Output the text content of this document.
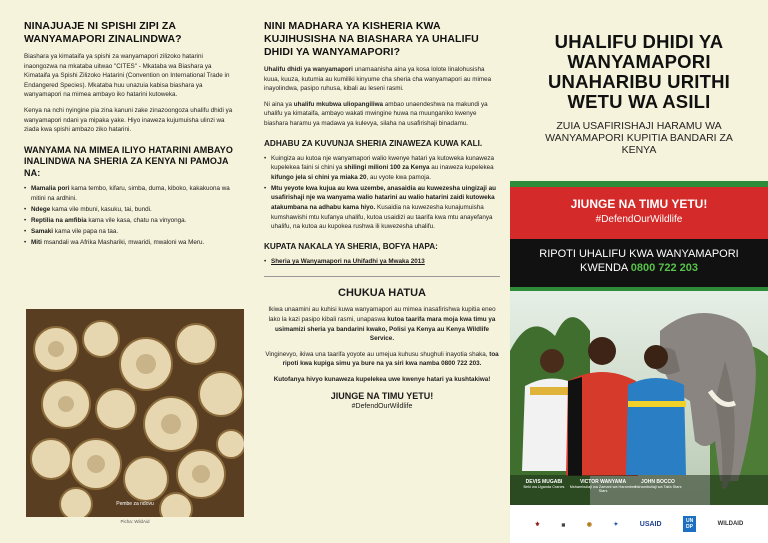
NINAJUAJE NI SPISHI ZIPI ZA WANYAMAPORI ZINALINDWA?
Biashara ya kimataifa ya spishi za wanyamapori zilizoko hatarini inaongozwa na mkataba uitwao "CITES" - Mkataba wa Biashara ya Kimataifa ya Spishi Zilizoko Hatarini (Convention on International Trade in Endangered Species). Mkataba huu unazuia kabisa biashara ya wanyamapori na mimea ambayo iko hatarini kutoweka.
Kenya na nchi nyingine pia zina kanuni zake zinazoongoza uhalifu dhidi ya wanyamapori ndani ya mipaka yake. Hiyo inaweza kujumuisha ulinzi wa ziada kwa spishi ambazo ziko hatarini.
WANYAMA NA MIMEA ILIYO HATARINI AMBAYO INALINDWA NA SHERIA ZA KENYA NI PAMOJA NA:
• Mamalia pori kama tembo, kifaru, simba, duma, kiboko, kakakuona wa mitini na ardhini.
• Ndege kama vile mbuni, kasuku, tai, bundi.
• Reptilia na amfibia kama vile kasa, chatu na vinyonga.
• Samaki kama vile papa na taa.
• Miti msandali wa Afrika Mashariki, mwaridi, mwaloni wa Meru.
Pembe za ndovu
Picha: WildAid
NINI MADHARA YA KISHERIA KWA KUJIHUSISHA NA BIASHARA YA UHALIFU DHIDI YA WANYAMAPORI?
Uhalifu dhidi ya wanyamapori unamaanisha aina ya kosa lolote linalohusisha kuua, kuuza, kutumia au kumiliki kinyume cha sheria cha wanyamapori au mimea inayolindwa, pasipo ruhusa, kibali au leseni rasmi.
Ni aina ya uhalifu mkubwa uliopangiliwa ambao unaendeshwa na makundi ya uhalifu ya kimataifa, ambayo wakati mwingine huwa na muunganiko kwenye biashara haramu ya madawa ya kulevya, silaha na usafirishaji binadamu.
ADHABU ZA KUVUNJA SHERIA ZINAWEZA KUWA KALI.
• Kuingiza au kutoa nje wanyamapori walio kwenye hatari ya kutoweka kunaweza kupelekea faini si chini ya shilingi milioni 100 za Kenya au inaweza kupelekea kifungo jela si chini ya miaka 20, au vyote kwa pamoja.
• Mtu yeyote kwa kujua au kwa uzembe, anasaidia au kuwezesha uingizaji au usafirishaji nje wa wanyama walio hatarini au walio hatarini zaidi kutoweka atakumbana na adhabu kama hiyo. Kusaidia na kuwezesha kunajumuisha kumshawishi mtu kufanya uhalifu, kutoa usaidizi au taarifa kwa mtu anayefanya uhalifu, na kutoa au kupokea rushwa ili kuwezesha uhalifu.
KUPATA NAKALA YA SHERIA, BOFYA HAPA:
• Sheria ya Wanyamapori na Uhifadhi ya Mwaka 2013
CHUKUA HATUA
Ikiwa unaamini au kuhisi kuwa wanyamapori au mimea inasafirishwa kupitia eneo lako la kazi pasipo kibali rasmi, unapaswa kutoa taarifa mara moja kwa timu ya usimamizi sheria ya bandarini kwako, Polisi ya Kenya au Kenya Wildlife Service.
Vinginevyo, ikiwa una taarifa yoyote au umejua kuhusu shughuli inayotia shaka, toa ripoti kwa kupiga simu ya bure na ya siri kwa namba 0800 722 203.
Kutofanya hivyo kunaweza kupelekea uwe kwenye hatari ya kushtakiwa!
JIUNGE NA TIMU YETU!
#DefendOurWildlife
UHALIFU DHIDI YA WANYAMAPORI UNAHARIBU URITHI WETU WA ASILI
ZUIA USAFIRISHAJI HARAMU WA WANYAMAPORI KUPITIA BANDARI ZA KENYA
JIUNGE NA TIMU YETU!
#DefendOurWildlife
RIPOTI UHALIFU KWA WANYAMAPORI
KWENDA 0800 722 203
DEVIS MUGABI
Beki wa Uganda Cranes
VICTOR WANYAMA
Mshambuliaji wa Zamani wa Harambee Stars
JOHN BOCCO
Mshambuliaji wa Taifa Stars
⚜	▦	◉	✦	USAID	UN
DP	WILDAID
